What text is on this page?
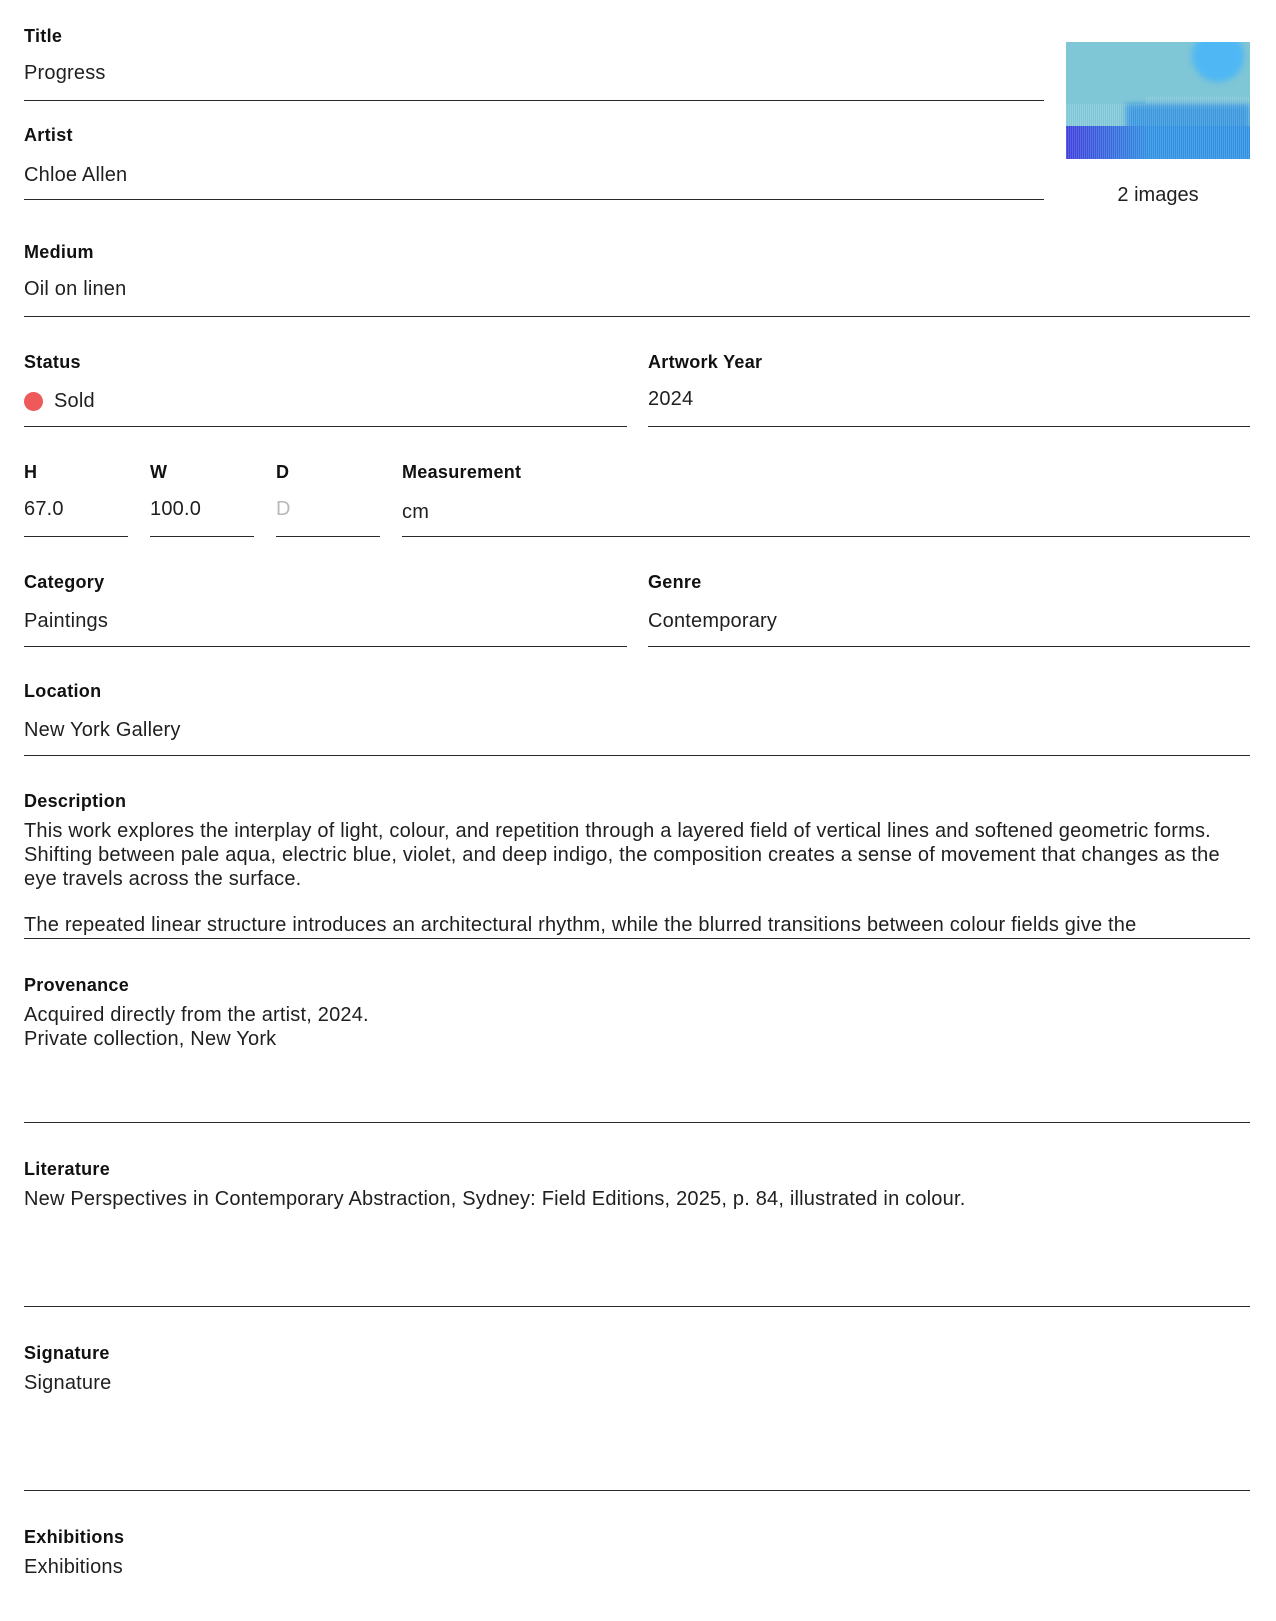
Title
Progress
Artist
Chloe Allen
2 images
Medium
Oil on linen
Status
Sold
Artwork Year
2024
H
67.0
W
100.0
D
D
Measurement
cm
Category
Paintings
Genre
Contemporary
Location
New York Gallery
Description
This work explores the interplay of light, colour, and repetition through a layered field of vertical lines and softened geometric forms. Shifting between pale aqua, electric blue, violet, and deep indigo, the composition creates a sense of movement that changes as the eye travels across the surface.
The repeated linear structure introduces an architectural rhythm, while the blurred transitions between colour fields give the
Provenance
Acquired directly from the artist, 2024.
Private collection, New York
Literature
New Perspectives in Contemporary Abstraction, Sydney: Field Editions, 2025, p. 84, illustrated in colour.
Signature
Signature
Exhibitions
Exhibitions
